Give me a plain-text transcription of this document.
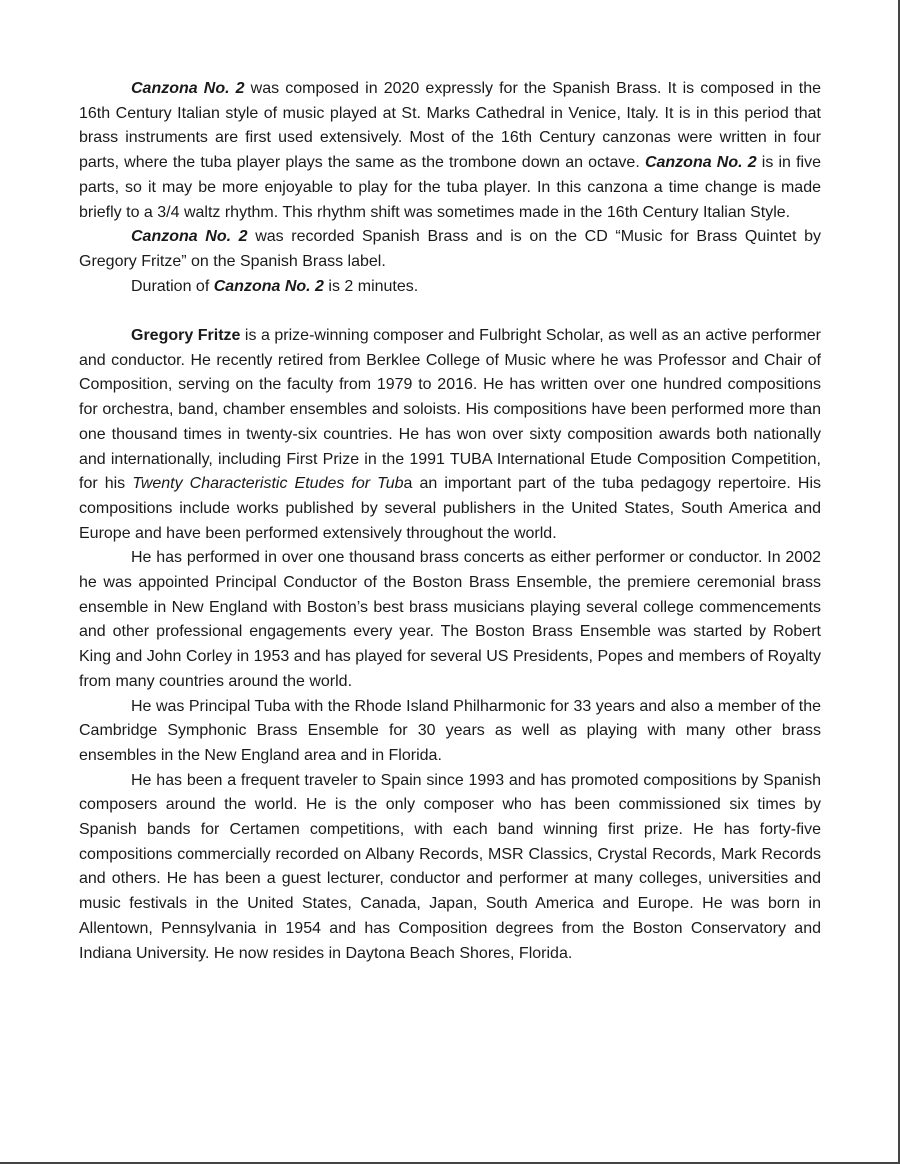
Canzona No. 2 was composed in 2020 expressly for the Spanish Brass. It is composed in the 16th Century Italian style of music played at St. Marks Cathedral in Venice, Italy. It is in this period that brass instruments are first used extensively. Most of the 16th Century canzonas were written in four parts, where the tuba player plays the same as the trombone down an octave. Canzona No. 2 is in five parts, so it may be more enjoyable to play for the tuba player. In this canzona a time change is made briefly to a 3/4 waltz rhythm. This rhythm shift was sometimes made in the 16th Century Italian Style.

Canzona No. 2 was recorded Spanish Brass and is on the CD “Music for Brass Quintet by Gregory Fritze” on the Spanish Brass label.

Duration of Canzona No. 2 is 2 minutes.

Gregory Fritze is a prize-winning composer and Fulbright Scholar, as well as an active performer and conductor. He recently retired from Berklee College of Music where he was Professor and Chair of Composition, serving on the faculty from 1979 to 2016. He has written over one hundred compositions for orchestra, band, chamber ensembles and soloists. His compositions have been performed more than one thousand times in twenty-six countries. He has won over sixty composition awards both nationally and internationally, including First Prize in the 1991 TUBA International Etude Composition Competition, for his Twenty Characteristic Etudes for Tuba an important part of the tuba pedagogy repertoire. His compositions include works published by several publishers in the United States, South America and Europe and have been performed extensively throughout the world.

He has performed in over one thousand brass concerts as either performer or conductor. In 2002 he was appointed Principal Conductor of the Boston Brass Ensemble, the premiere ceremonial brass ensemble in New England with Boston’s best brass musicians playing several college commencements and other professional engagements every year. The Boston Brass Ensemble was started by Robert King and John Corley in 1953 and has played for several US Presidents, Popes and members of Royalty from many countries around the world.

He was Principal Tuba with the Rhode Island Philharmonic for 33 years and also a member of the Cambridge Symphonic Brass Ensemble for 30 years as well as playing with many other brass ensembles in the New England area and in Florida.

He has been a frequent traveler to Spain since 1993 and has promoted compositions by Spanish composers around the world. He is the only composer who has been commissioned six times by Spanish bands for Certamen competitions, with each band winning first prize. He has forty-five compositions commercially recorded on Albany Records, MSR Classics, Crystal Records, Mark Records and others. He has been a guest lecturer, conductor and performer at many colleges, universities and music festivals in the United States, Canada, Japan, South America and Europe. He was born in Allentown, Pennsylvania in 1954 and has Composition degrees from the Boston Conservatory and Indiana University. He now resides in Daytona Beach Shores, Florida.
